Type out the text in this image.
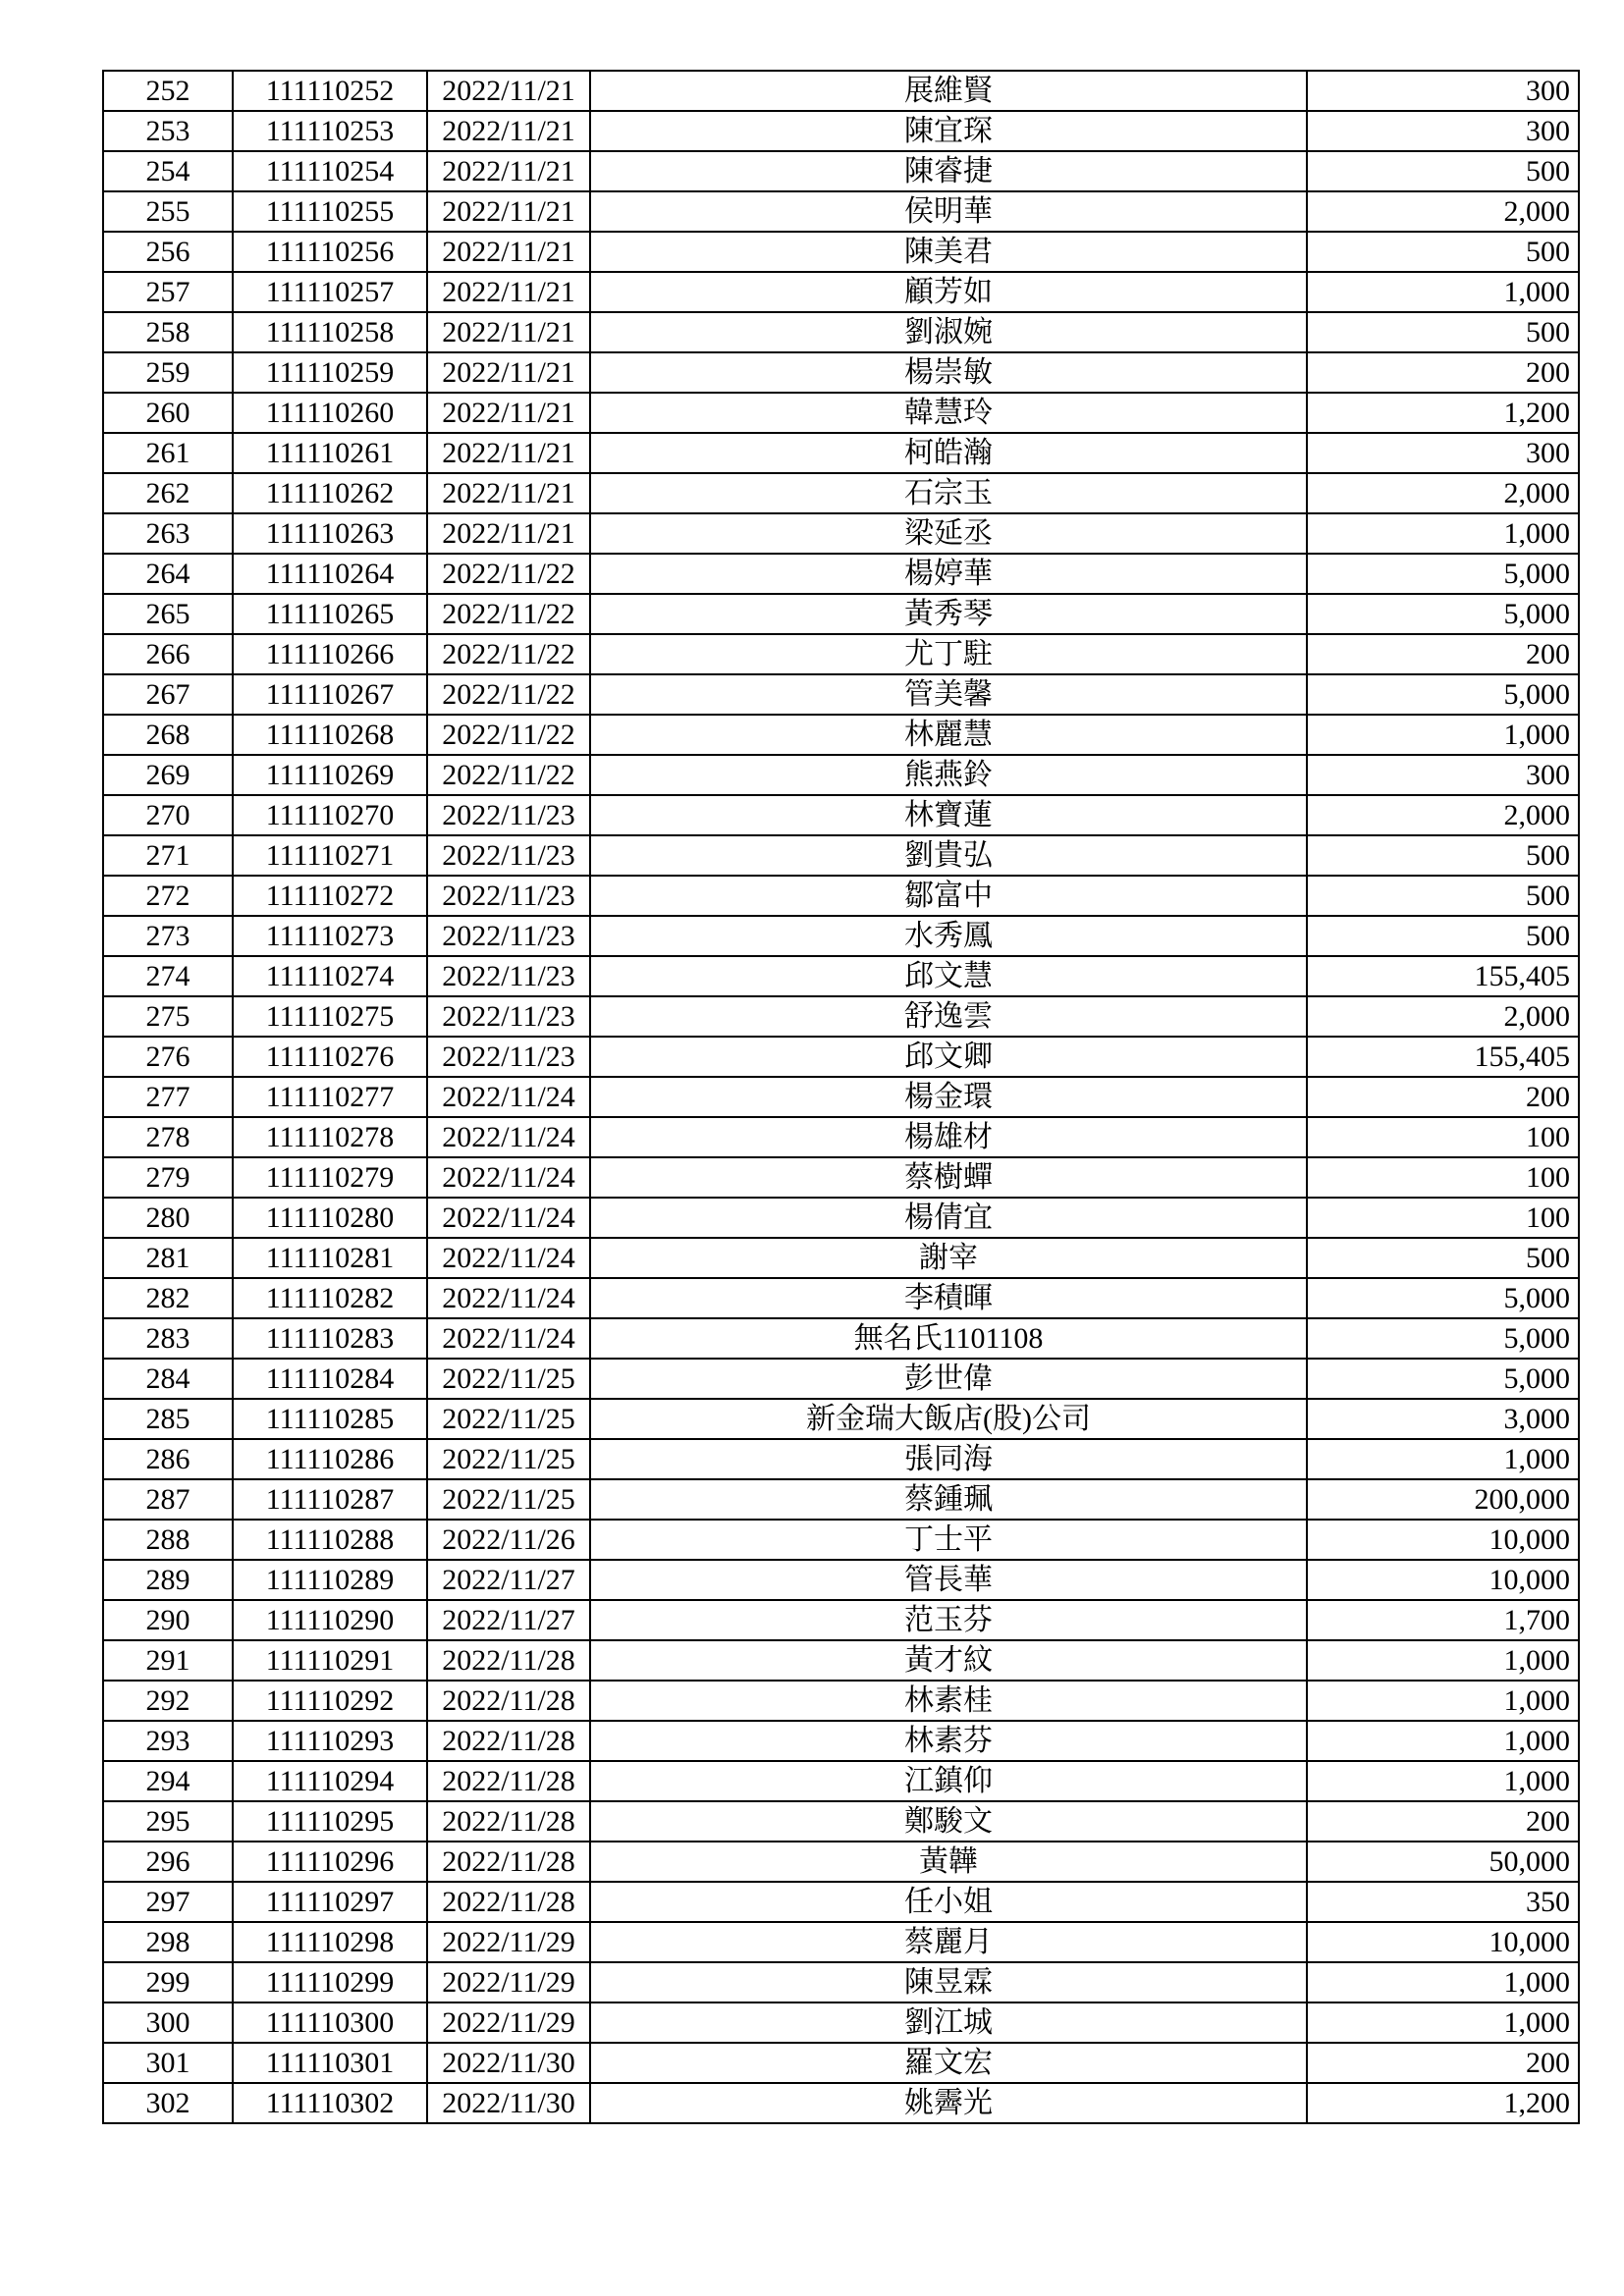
252	111110252	2022/11/21	展維賢	300
253	111110253	2022/11/21	陳宜琛	300
254	111110254	2022/11/21	陳睿捷	500
255	111110255	2022/11/21	侯明華	2,000
256	111110256	2022/11/21	陳美君	500
257	111110257	2022/11/21	顧芳如	1,000
258	111110258	2022/11/21	劉淑婉	500
259	111110259	2022/11/21	楊崇敏	200
260	111110260	2022/11/21	韓慧玲	1,200
261	111110261	2022/11/21	柯皓瀚	300
262	111110262	2022/11/21	石宗玉	2,000
263	111110263	2022/11/21	梁延丞	1,000
264	111110264	2022/11/22	楊婷華	5,000
265	111110265	2022/11/22	黃秀琴	5,000
266	111110266	2022/11/22	尤丁駐	200
267	111110267	2022/11/22	管美馨	5,000
268	111110268	2022/11/22	林麗慧	1,000
269	111110269	2022/11/22	熊燕鈴	300
270	111110270	2022/11/23	林寶蓮	2,000
271	111110271	2022/11/23	劉貴弘	500
272	111110272	2022/11/23	鄒富中	500
273	111110273	2022/11/23	水秀鳳	500
274	111110274	2022/11/23	邱文慧	155,405
275	111110275	2022/11/23	舒逸雲	2,000
276	111110276	2022/11/23	邱文卿	155,405
277	111110277	2022/11/24	楊金環	200
278	111110278	2022/11/24	楊雄材	100
279	111110279	2022/11/24	蔡樹蟬	100
280	111110280	2022/11/24	楊倩宜	100
281	111110281	2022/11/24	謝宰	500
282	111110282	2022/11/24	李積暉	5,000
283	111110283	2022/11/24	無名氏1101108	5,000
284	111110284	2022/11/25	彭世偉	5,000
285	111110285	2022/11/25	新金瑞大飯店(股)公司	3,000
286	111110286	2022/11/25	張同海	1,000
287	111110287	2022/11/25	蔡鍾珮	200,000
288	111110288	2022/11/26	丁士平	10,000
289	111110289	2022/11/27	管長華	10,000
290	111110290	2022/11/27	范玉芬	1,700
291	111110291	2022/11/28	黃才紋	1,000
292	111110292	2022/11/28	林素桂	1,000
293	111110293	2022/11/28	林素芬	1,000
294	111110294	2022/11/28	江鎮仰	1,000
295	111110295	2022/11/28	鄭駿文	200
296	111110296	2022/11/28	黃韡	50,000
297	111110297	2022/11/28	任小姐	350
298	111110298	2022/11/29	蔡麗月	10,000
299	111110299	2022/11/29	陳昱霖	1,000
300	111110300	2022/11/29	劉江城	1,000
301	111110301	2022/11/30	羅文宏	200
302	111110302	2022/11/30	姚霽光	1,200
